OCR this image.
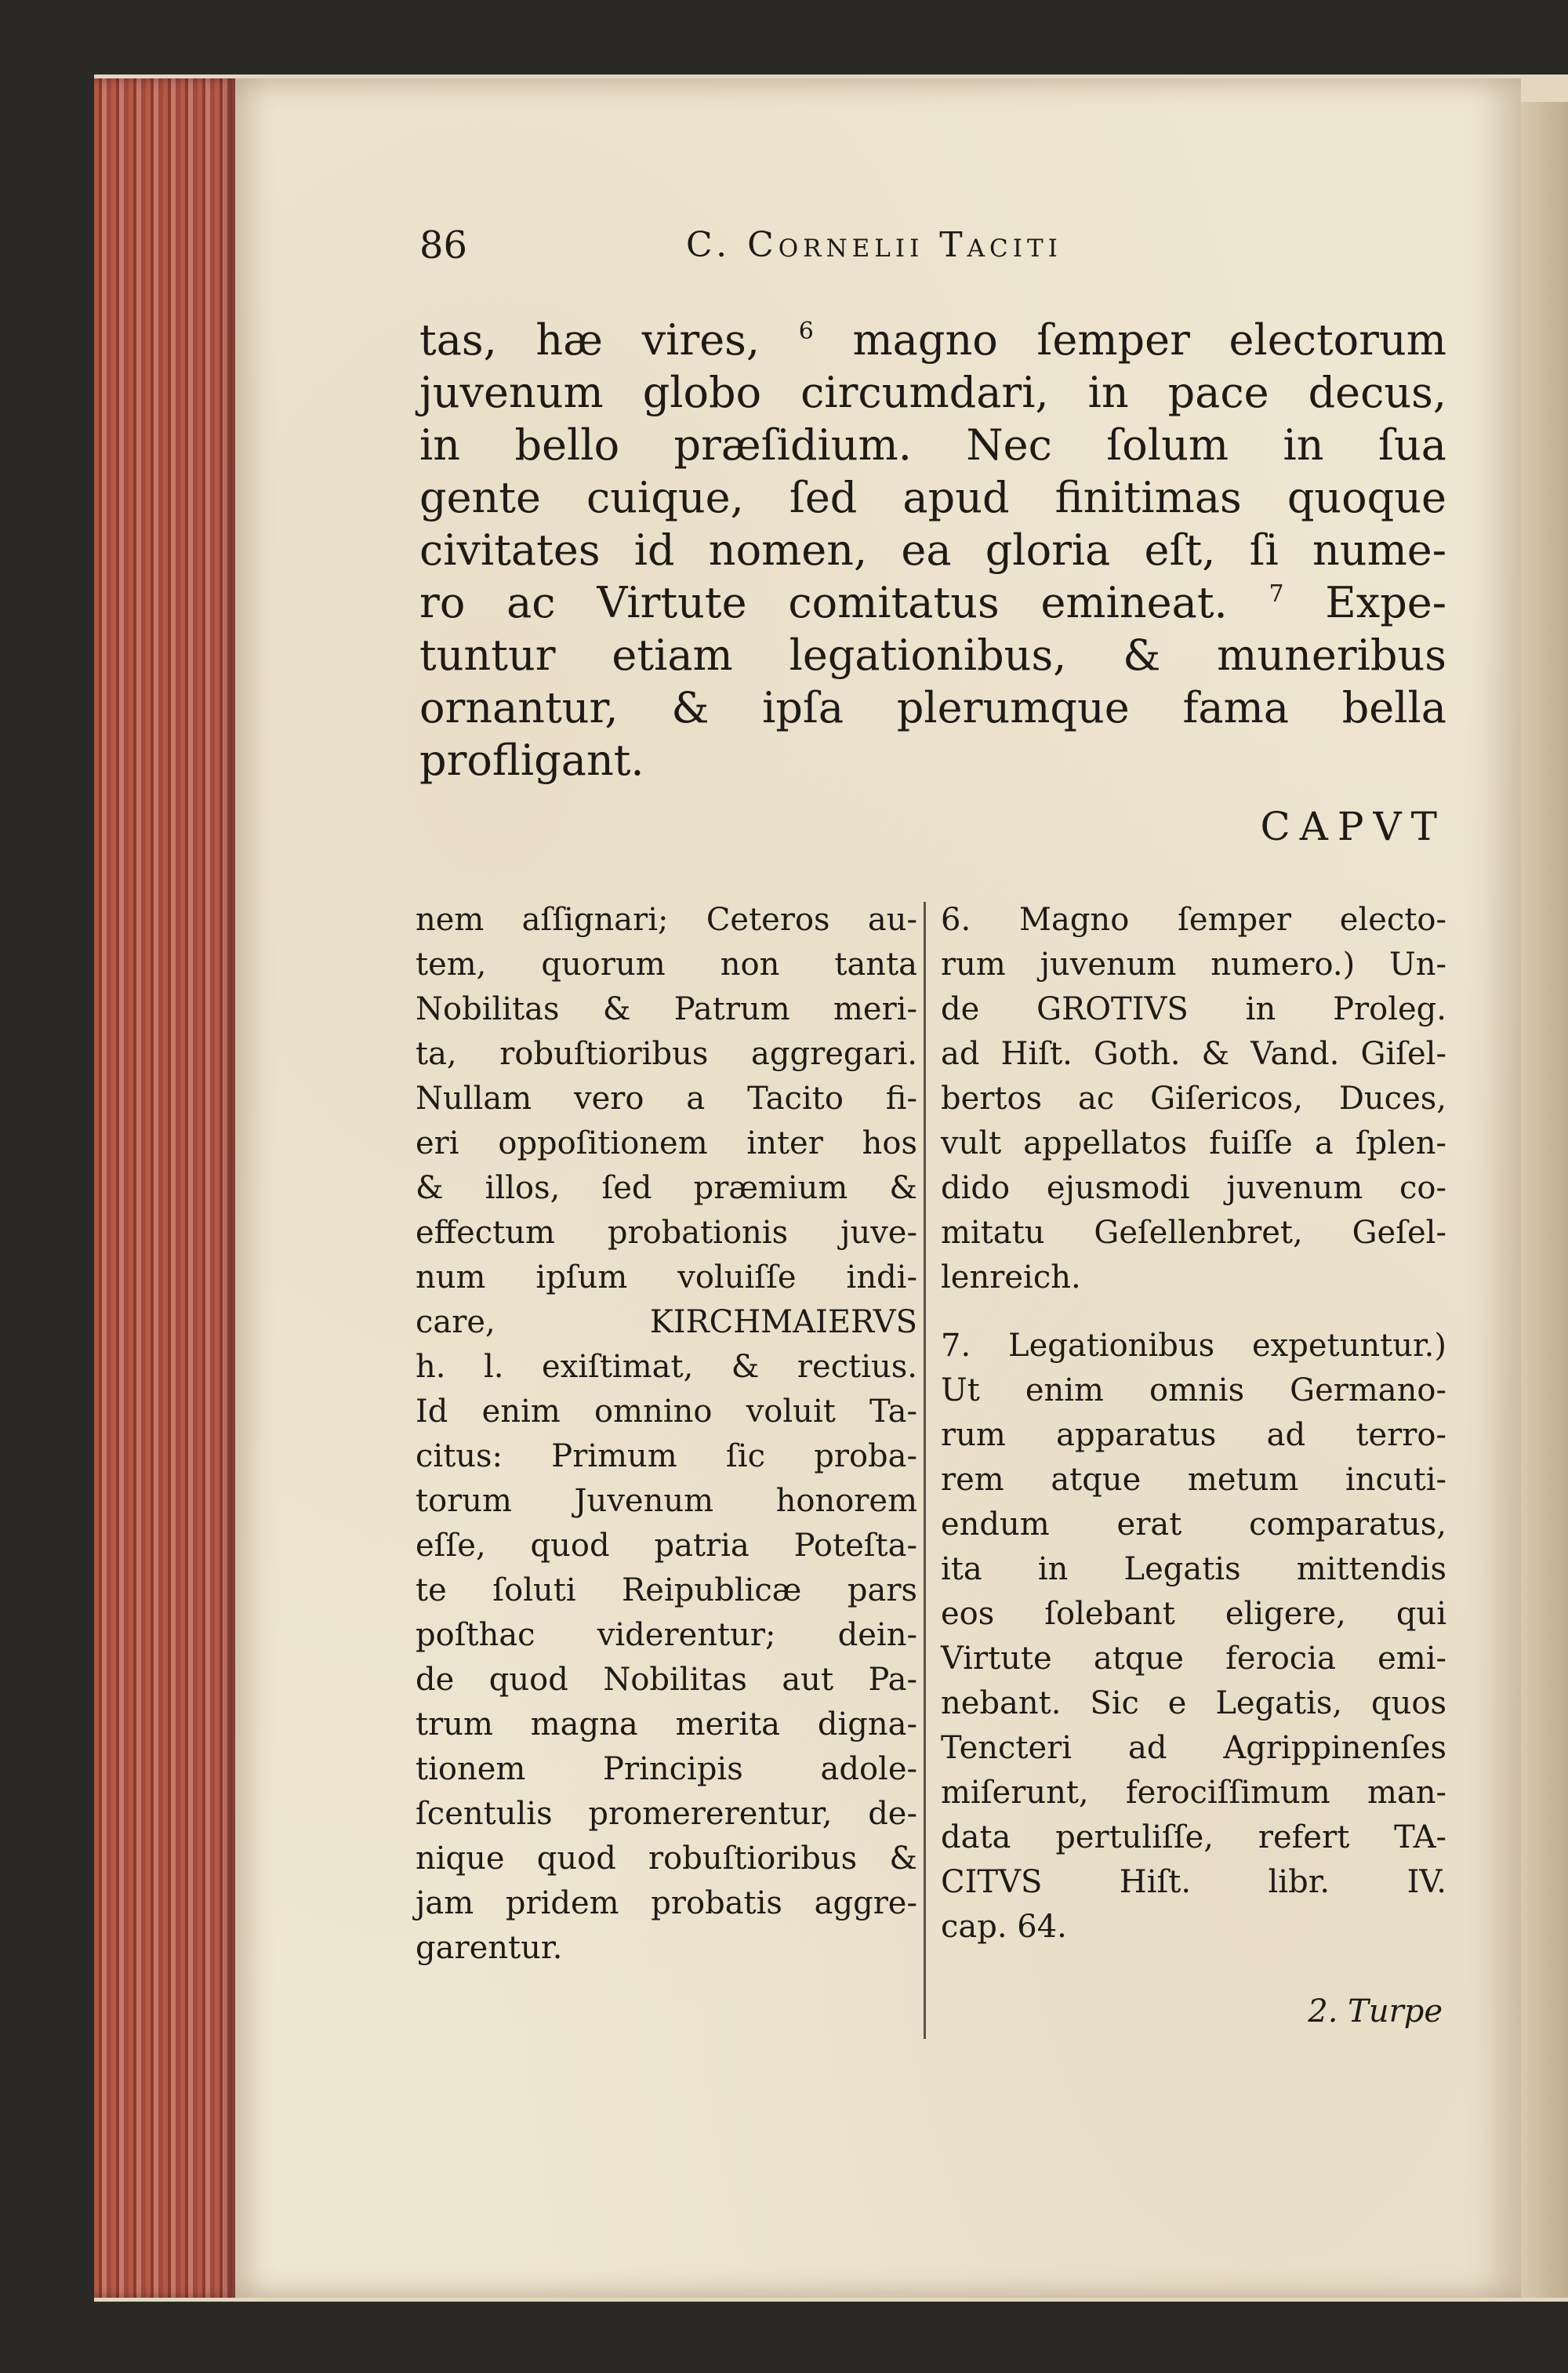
86	C. Cornelii Taciti
tas, hæ vires, $^6$ magno ſemper electorum
juvenum globo circumdari, in pace decus,
in bello præſidium. Nec ſolum in ſua
gente cuique, ſed apud finitimas quoque
civitates id nomen, ea gloria eſt, ſi nume-
ro ac Virtute comitatus emineat. $^7$ Expe-
tuntur etiam legationibus, & muneribus
ornantur, & ipſa plerumque fama bella
profligant.
CAPVT
nem aſſignari; Ceteros au-
tem, quorum non tanta
Nobilitas & Patrum meri-
ta, robuſtioribus aggregari.
Nullam vero a Tacito fi-
eri oppoſitionem inter hos
& illos, ſed præmium &
effectum probationis juve-
num ipſum voluiſſe indi-
care, KIRCHMAIERVS
h. l. exiſtimat, & rectius.
Id enim omnino voluit Ta-
citus: Primum ſic proba-
torum Juvenum honorem
eſſe, quod patria Poteſta-
te ſoluti Reipublicæ pars
poſthac viderentur; dein-
de quod Nobilitas aut Pa-
trum magna merita digna-
tionem Principis adole-
ſcentulis promererentur, de-
nique quod robuſtioribus &
jam pridem probatis aggre-
garentur.
6. Magno ſemper electo-
rum juvenum numero.) Un-
de GROTIVS in Proleg.
ad Hiſt. Goth. & Vand. Giſel-
bertos ac Giſericos, Duces,
vult appellatos fuiſſe a ſplen-
dido ejusmodi juvenum co-
mitatu Geſellenbret, Geſel-
lenreich.
7. Legationibus expetuntur.)
Ut enim omnis Germano-
rum apparatus ad terro-
rem atque metum incuti-
endum erat comparatus,
ita in Legatis mittendis
eos ſolebant eligere, qui
Virtute atque ferocia emi-
nebant. Sic e Legatis, quos
Tencteri ad Agrippinenſes
miſerunt, ferociſſimum man-
data pertuliſſe, refert TA-
CITVS Hiſt. libr. IV.
cap. 64.
2. Turpe
